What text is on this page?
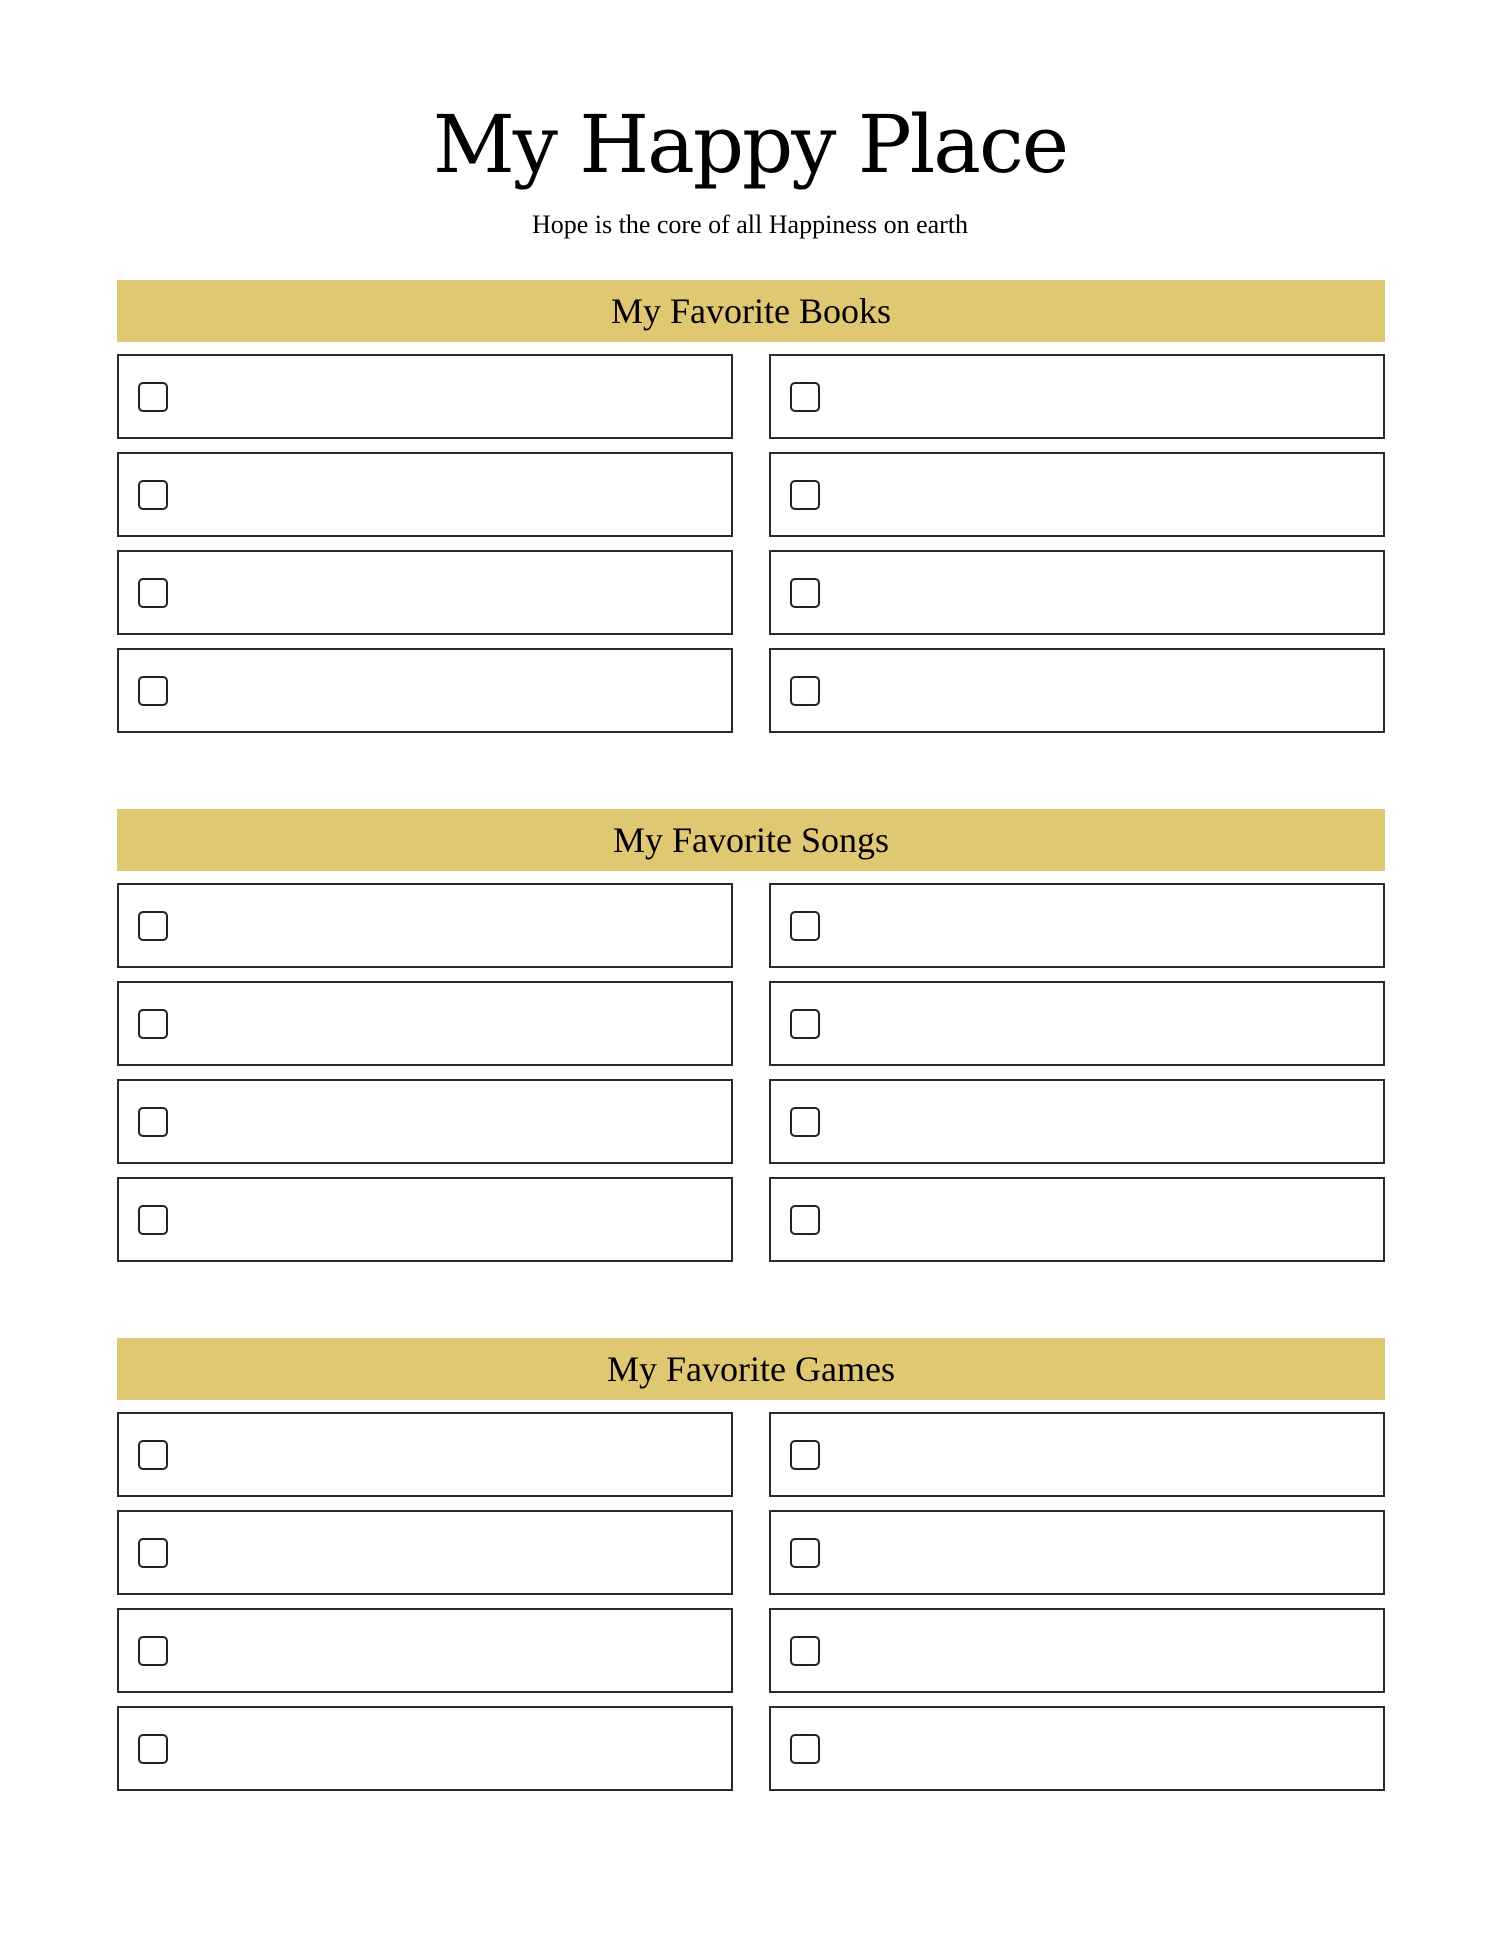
My Happy Place

Hope is the core of all Happiness on earth

My Favorite Books
My Favorite Songs
My Favorite Games
